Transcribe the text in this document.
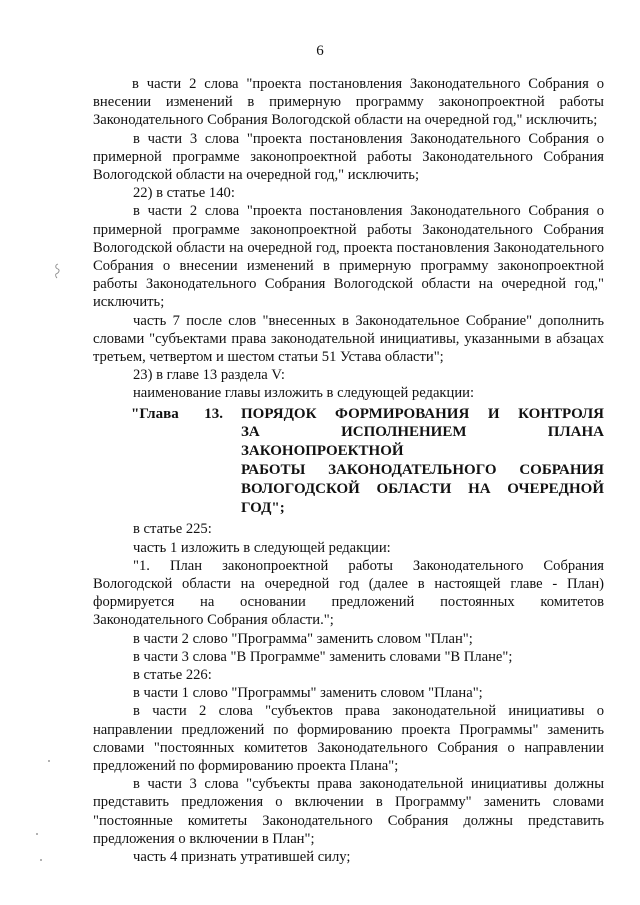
6

в части 2 слова "проекта постановления Законодательного Собрания о внесении изменений в примерную программу законопроектной работы Законодательного Собрания Вологодской области на очередной год," исключить;

в части 3 слова "проекта постановления Законодательного Собрания о примерной программе законопроектной работы Законодательного Собрания Вологодской области на очередной год," исключить;

22) в статье 140:

в части 2 слова "проекта постановления Законодательного Собрания о примерной программе законопроектной работы Законодательного Собрания Вологодской области на очередной год, проекта постановления Законодательного Собрания о внесении изменений в примерную программу законопроектной работы Законодательного Собрания Вологодской области на очередной год," исключить;

часть 7 после слов "внесенных в Законодательное Собрание" дополнить словами "субъектами права законодательной инициативы, указанными в абзацах третьем, четвертом и шестом статьи 51 Устава области";

23) в главе 13 раздела V:

наименование главы изложить в следующей редакции:

"Глава 13. ПОРЯДОК ФОРМИРОВАНИЯ И КОНТРОЛЯ
ЗА ИСПОЛНЕНИЕМ ПЛАНА ЗАКОНОПРОЕКТНОЙ
РАБОТЫ ЗАКОНОДАТЕЛЬНОГО СОБРАНИЯ
ВОЛОГОДСКОЙ ОБЛАСТИ НА ОЧЕРЕДНОЙ ГОД";

в статье 225:

часть 1 изложить в следующей редакции:

"1. План законопроектной работы Законодательного Собрания Вологодской области на очередной год (далее в настоящей главе - План) формируется на основании предложений постоянных комитетов Законодательного Собрания области.";

в части 2 слово "Программа" заменить словом "План";

в части 3 слова "В Программе" заменить словами "В Плане";

в статье 226:

в части 1 слово "Программы" заменить словом "Плана";

в части 2 слова "субъектов права законодательной инициативы о направлении предложений по формированию проекта Программы" заменить словами "постоянных комитетов Законодательного Собрания о направлении предложений по формированию проекта Плана";

в части 3 слова "субъекты права законодательной инициативы должны представить предложения о включении в Программу" заменить словами "постоянные комитеты Законодательного Собрания должны представить предложения о включении в План";

часть 4 признать утратившей силу;
